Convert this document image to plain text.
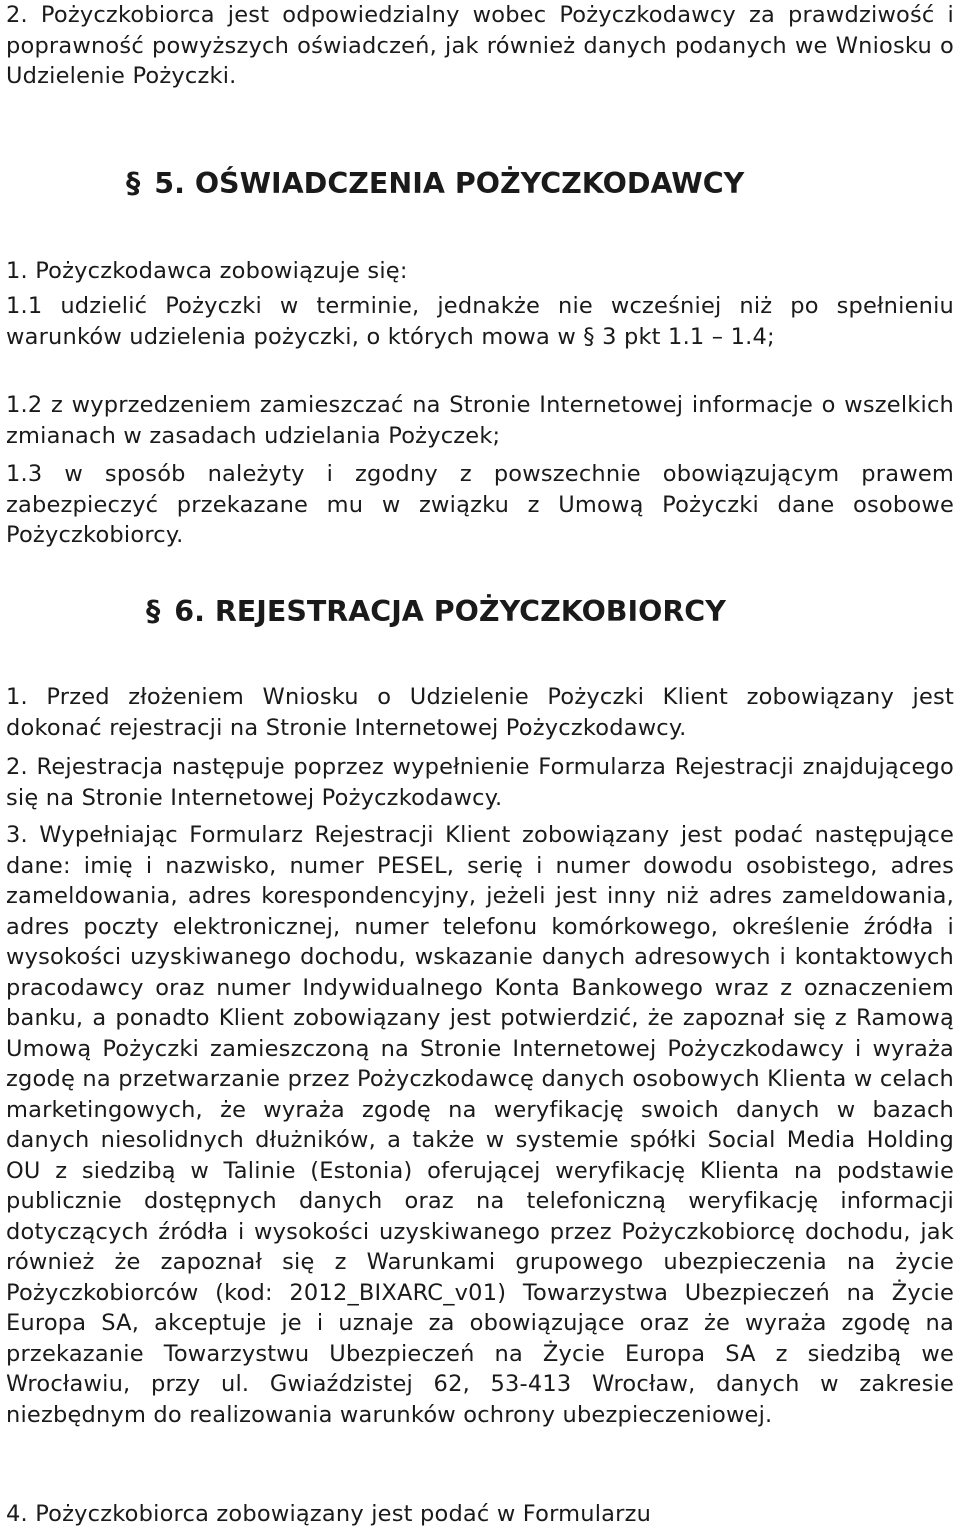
2. Pożyczkobiorca jest odpowiedzialny wobec Pożyczkodawcy za prawdziwość i poprawność powyższych oświadczeń, jak również danych podanych we Wniosku o Udzielenie Pożyczki.

§ 5. OŚWIADCZENIA POŻYCZKODAWCY

1. Pożyczkodawca zobowiązuje się:

1.1 udzielić Pożyczki w terminie, jednakże nie wcześniej niż po spełnieniu warunków udzielenia pożyczki, o których mowa w § 3 pkt 1.1 – 1.4;

1.2 z wyprzedzeniem zamieszczać na Stronie Internetowej informacje o wszelkich zmianach w zasadach udzielania Pożyczek;

1.3 w sposób należyty i zgodny z powszechnie obowiązującym prawem zabezpieczyć przekazane mu w związku z Umową Pożyczki dane osobowe Pożyczkobiorcy.

§ 6. REJESTRACJA POŻYCZKOBIORCY

1. Przed złożeniem Wniosku o Udzielenie Pożyczki Klient zobowiązany jest dokonać rejestracji na Stronie Internetowej Pożyczkodawcy.

2. Rejestracja następuje poprzez wypełnienie Formularza Rejestracji znajdującego się na Stronie Internetowej Pożyczkodawcy.

3. Wypełniając Formularz Rejestracji Klient zobowiązany jest podać następujące dane: imię i nazwisko, numer PESEL, serię i numer dowodu osobistego, adres zameldowania, adres korespondencyjny, jeżeli jest inny niż adres zameldowania, adres poczty elektronicznej, numer telefonu komórkowego, określenie źródła i wysokości uzyskiwanego dochodu, wskazanie danych adresowych i kontaktowych pracodawcy oraz numer Indywidualnego Konta Bankowego wraz z oznaczeniem banku, a ponadto Klient zobowiązany jest potwierdzić, że zapoznał się z Ramową Umową Pożyczki zamieszczoną na Stronie Internetowej Pożyczkodawcy i wyraża zgodę na przetwarzanie przez Pożyczkodawcę danych osobowych Klienta w celach marketingowych, że wyraża zgodę na weryfikację swoich danych w bazach danych niesolidnych dłużników, a także w systemie spółki Social Media Holding OU z siedzibą w Talinie (Estonia) oferującej weryfikację Klienta na podstawie publicznie dostępnych danych oraz na telefoniczną weryfikację informacji dotyczących źródła i wysokości uzyskiwanego przez Pożyczkobiorcę dochodu, jak również że zapoznał się z Warunkami grupowego ubezpieczenia na życie Pożyczkobiorców (kod: 2012_BIXARC_v01) Towarzystwa Ubezpieczeń na Życie Europa SA, akceptuje je i uznaje za obowiązujące oraz że wyraża zgodę na przekazanie Towarzystwu Ubezpieczeń na Życie Europa SA z siedzibą we Wrocławiu, przy ul. Gwiaździstej 62, 53-413 Wrocław, danych w zakresie niezbędnym do realizowania warunków ochrony ubezpieczeniowej.

4. Pożyczkobiorca zobowiązany jest podać w Formularzu
